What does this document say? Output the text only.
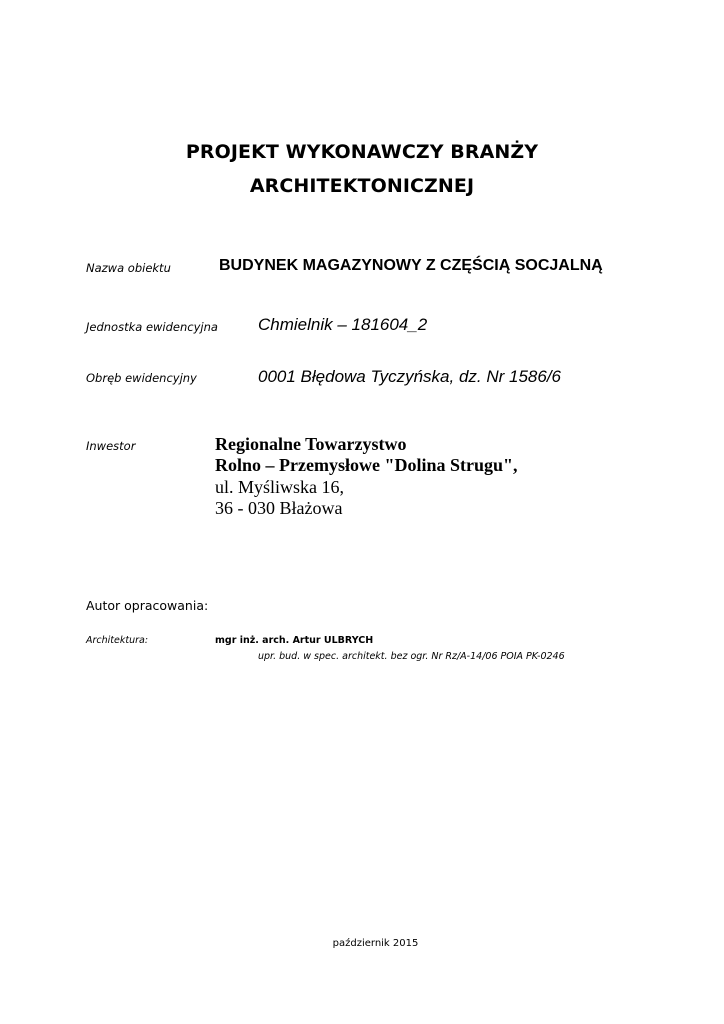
PROJEKT WYKONAWCZY BRANŻY
ARCHITEKTONICZNEJ
Nazwa obiektu	BUDYNEK MAGAZYNOWY Z CZĘŚCIĄ SOCJALNĄ
Jednostka ewidencyjna Chmielnik – 181604_2
Obręb ewidencyjny	0001 Błędowa Tyczyńska, dz. Nr 1586/6
Inwestor	Regionalne Towarzystwo
Rolno – Przemysłowe "Dolina Strugu",
ul. Myśliwska 16,
36 - 030 Błażowa
Autor opracowania:
Architektura:	mgr inż. arch. Artur ULBRYCH
upr. bud. w spec. architekt. bez ogr. Nr Rz/A-14/06 POIA PK-0246
październik 2015
